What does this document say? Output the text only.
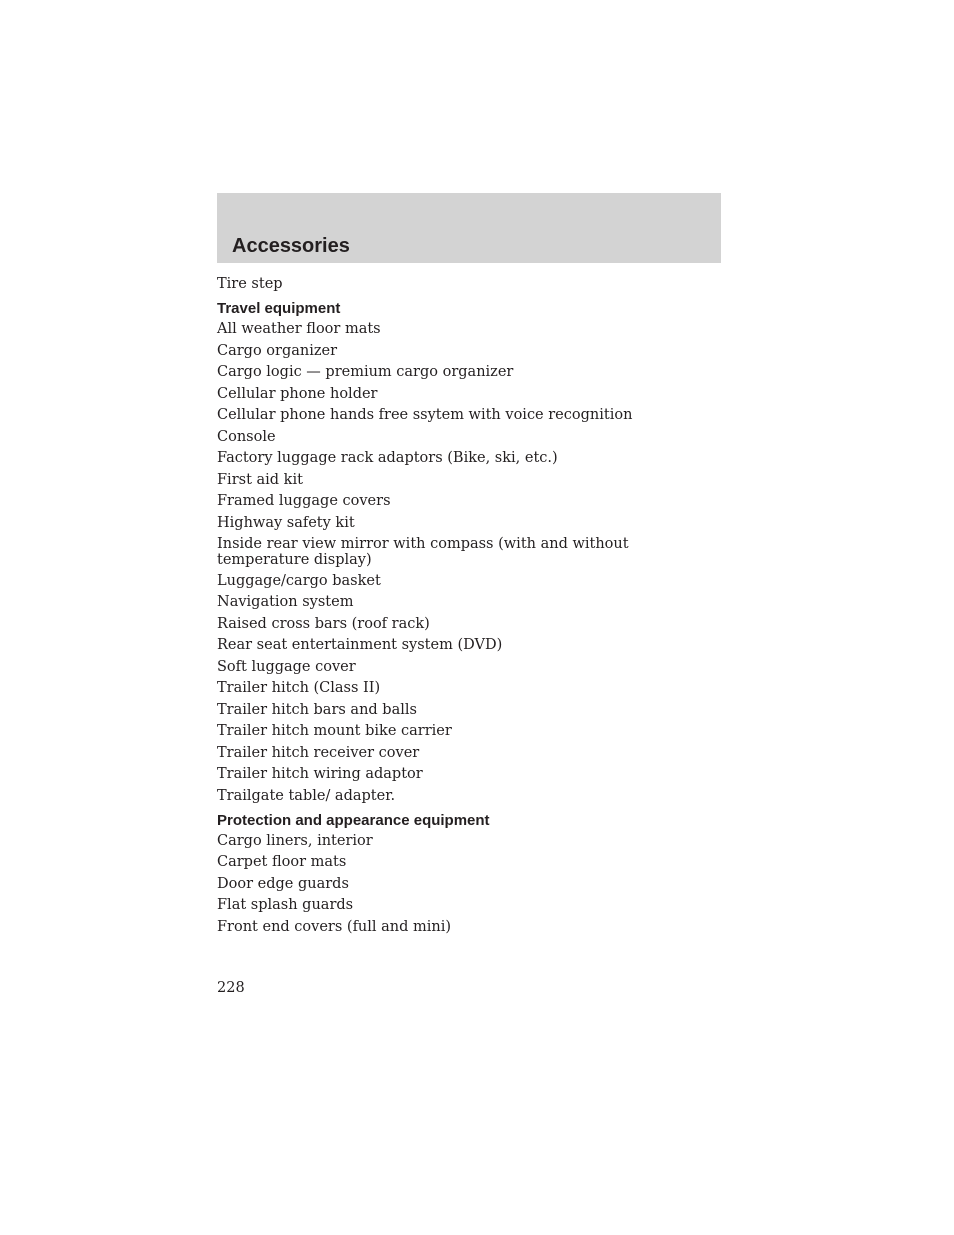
Accessories

Tire step

Travel equipment

All weather floor mats

Cargo organizer

Cargo logic — premium cargo organizer

Cellular phone holder

Cellular phone hands free ssytem with voice recognition

Console

Factory luggage rack adaptors (Bike, ski, etc.)

First aid kit

Framed luggage covers

Highway safety kit

Inside rear view mirror with compass (with and without temperature display)

Luggage/cargo basket

Navigation system

Raised cross bars (roof rack)

Rear seat entertainment system (DVD)

Soft luggage cover

Trailer hitch (Class II)

Trailer hitch bars and balls

Trailer hitch mount bike carrier

Trailer hitch receiver cover

Trailer hitch wiring adaptor

Trailgate table/ adapter.

Protection and appearance equipment

Cargo liners, interior

Carpet floor mats

Door edge guards

Flat splash guards

Front end covers (full and mini)

228
